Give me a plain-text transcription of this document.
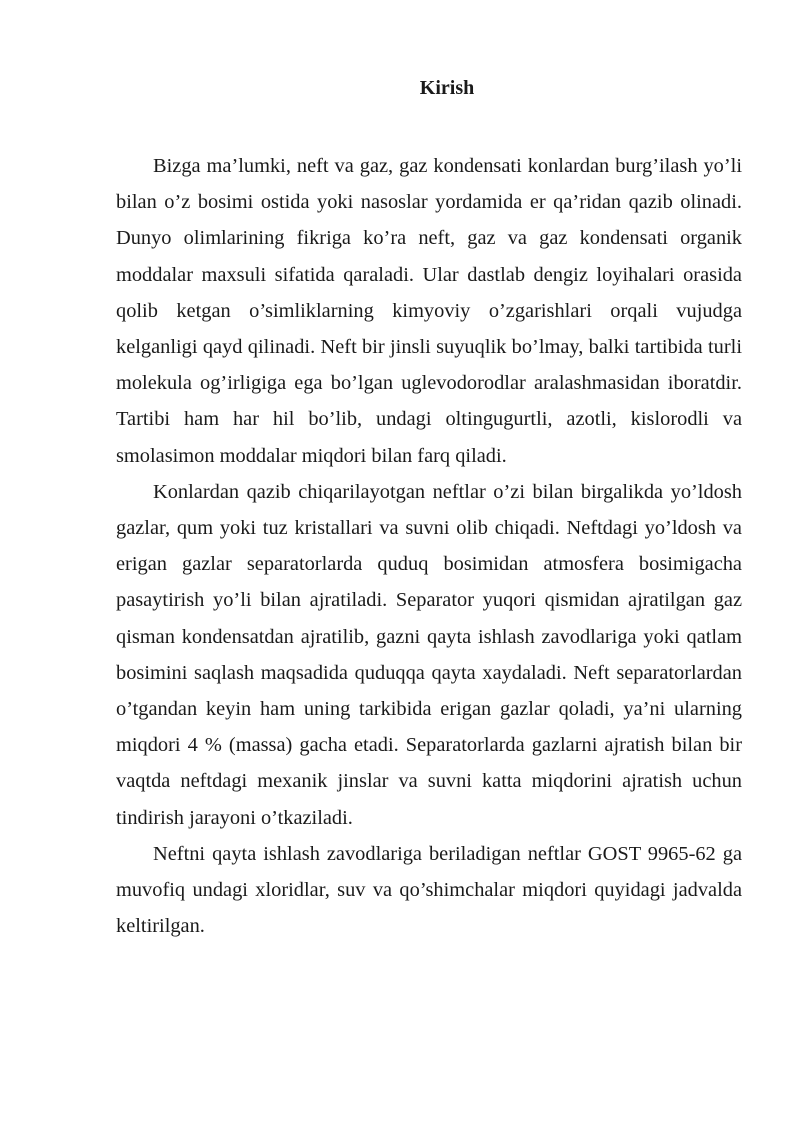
Kirish

Bizga ma’lumki, neft va gaz, gaz kondensati konlardan burg’ilash yo’li bilan o’z bosimi ostida yoki nasoslar yordamida er qa’ridan qazib olinadi. Dunyo olimlarining fikriga ko’ra neft, gaz va gaz kondensati organik moddalar maxsuli sifatida qaraladi. Ular dastlab dengiz loyihalari orasida qolib ketgan o’simliklarning kimyoviy o’zgarishlari orqali vujudga kelganligi qayd qilinadi. Neft bir jinsli suyuqlik bo’lmay, balki tartibida turli molekula og’irligiga ega bo’lgan uglevodorodlar aralashmasidan iboratdir. Tartibi ham har hil bo’lib, undagi oltingugurtli, azotli, kislorodli va smolasimon moddalar miqdori bilan farq qiladi.

Konlardan qazib chiqarilayotgan neftlar o’zi bilan birgalikda yo’ldosh gazlar, qum yoki tuz kristallari va suvni olib chiqadi. Neftdagi yo’ldosh va erigan gazlar separatorlarda quduq bosimidan atmosfera bosimigacha pasaytirish yo’li bilan ajratiladi. Separator yuqori qismidan ajratilgan gaz qisman kondensatdan ajratilib, gazni qayta ishlash zavodlariga yoki qatlam bosimini saqlash maqsadida quduqqa qayta xaydaladi. Neft separatorlardan o’tgandan keyin ham uning tarkibida erigan gazlar qoladi, ya’ni ularning miqdori 4 % (massa) gacha etadi. Separatorlarda gazlarni ajratish bilan bir vaqtda neftdagi mexanik jinslar va suvni katta miqdorini ajratish uchun tindirish jarayoni o’tkaziladi.

Neftni qayta ishlash zavodlariga beriladigan neftlar GOST 9965-62 ga muvofiq undagi xloridlar, suv va qo’shimchalar miqdori quyidagi jadvalda keltirilgan.
